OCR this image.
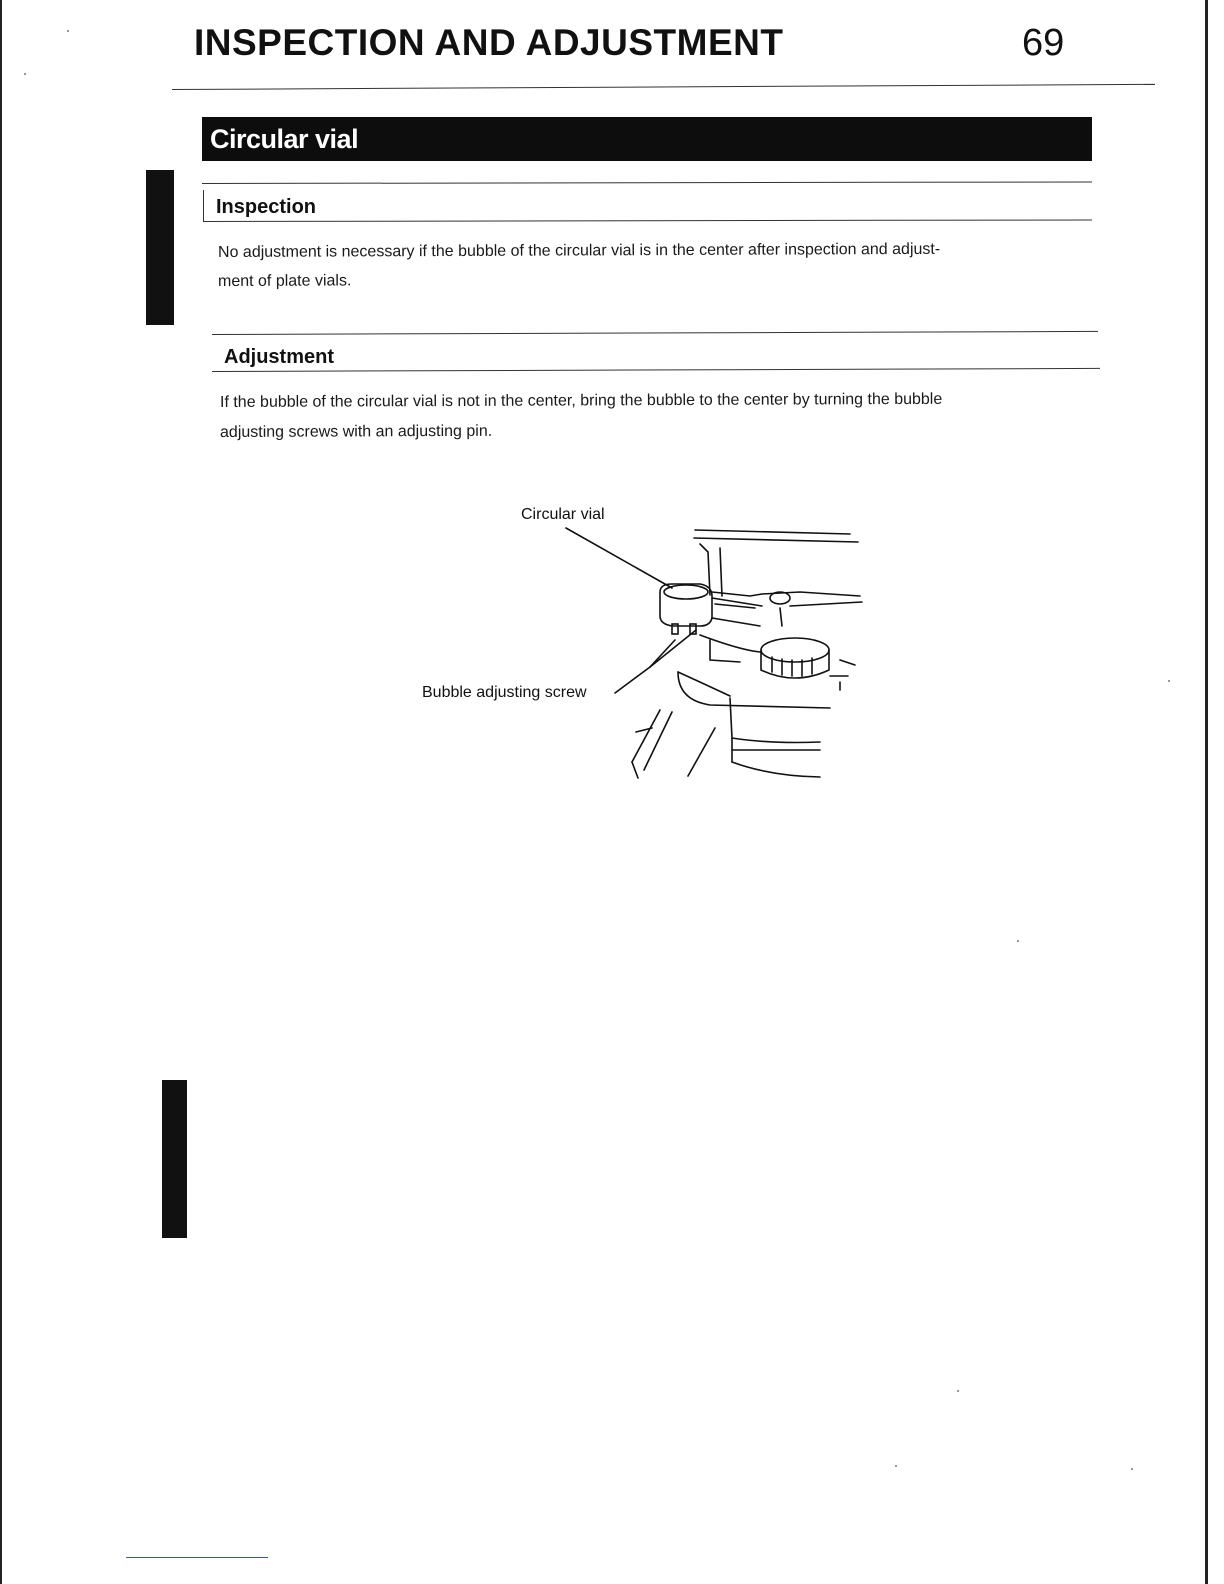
INSPECTION AND ADJUSTMENT	69
Circular vial
Inspection

No adjustment is necessary if the bubble of the circular vial is in the center after inspection and adjust-

ment of plate vials.

Adjustment

If the bubble of the circular vial is not in the center, bring the bubble to the center by turning the bubble

adjusting screws with an adjusting pin.

Circular vial
Bubble adjusting screw
